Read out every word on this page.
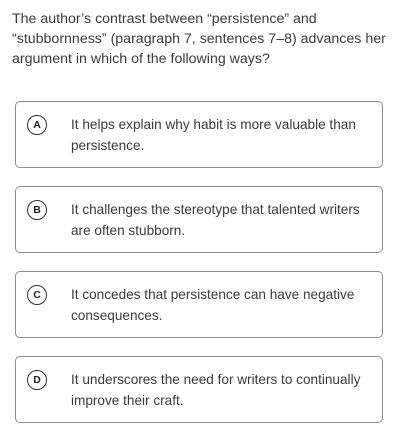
The author’s contrast between “persistence” and “stubbornness” (paragraph 7, sentences 7–8) advances her argument in which of the following ways?

A	It helps explain why habit is more valuable than persistence.
B	It challenges the stereotype that talented writers are often stubborn.
C	It concedes that persistence can have negative consequences.
D	It underscores the need for writers to continually improve their craft.
